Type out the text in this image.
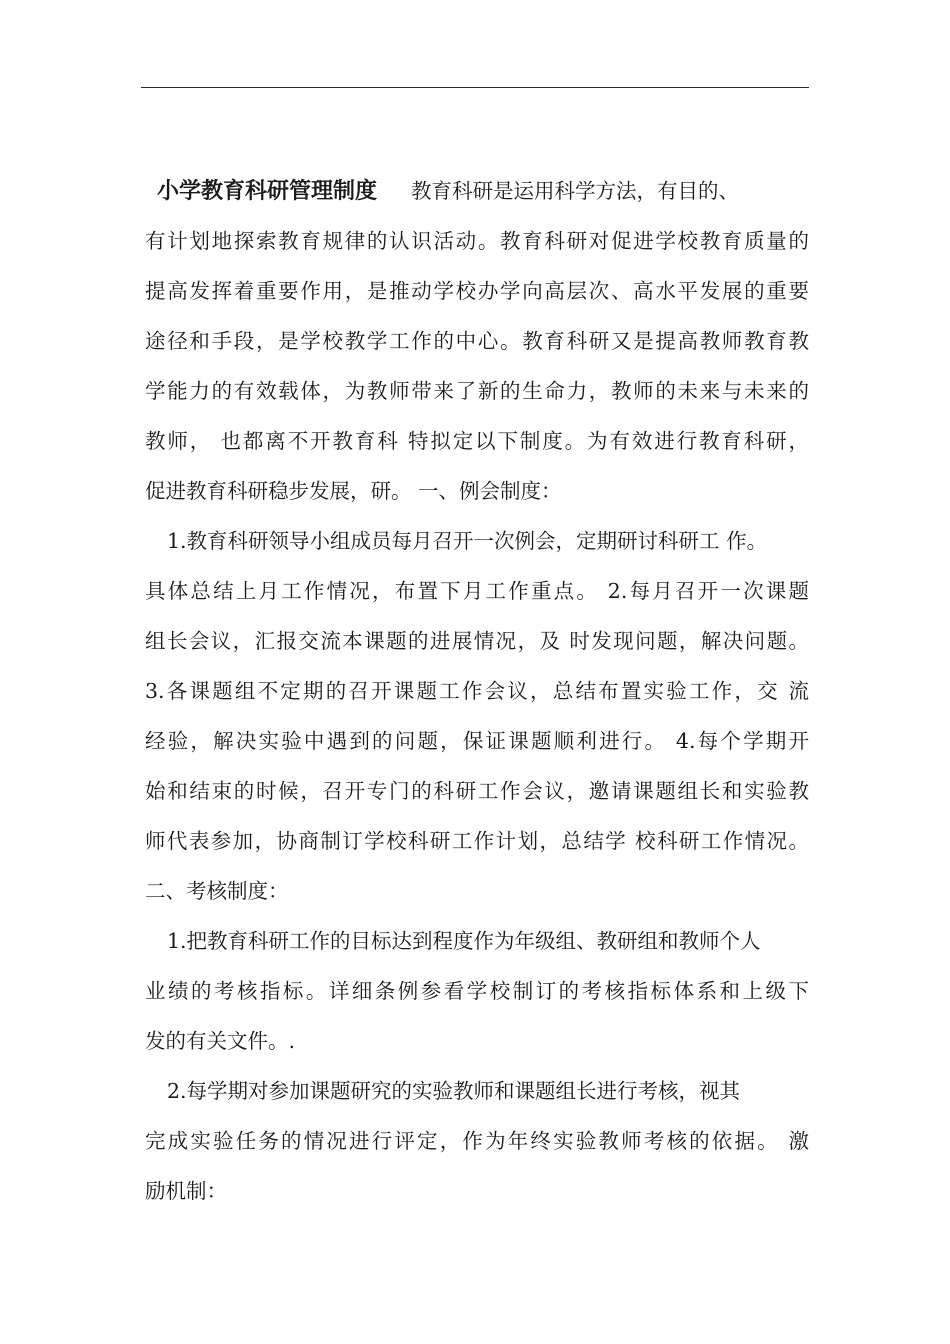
小学教育科研管理制度 教育科研是运用科学方法，有目的、
有计划地探索教育规律的认识活动。教育科研对促进学校教育质量的
提高发挥着重要作用，是推动学校办学向高层次、高水平发展的重要
途径和手段，是学校教学工作的中心。教育科研又是提高教师教育教
学能力的有效载体，为教师带来了新的生命力，教师的未来与未来的
教师， 也都离不开教育科 特拟定以下制度。为有效进行教育科研，
促进教育科研稳步发展，研。 一、例会制度：
1.教育科研领导小组成员每月召开一次例会，定期研讨科研工 作。
具体总结上月工作情况，布置下月工作重点。 2.每月召开一次课题
组长会议，汇报交流本课题的进展情况，及 时发现问题，解决问题。
3.各课题组不定期的召开课题工作会议，总结布置实验工作，交 流
经验，解决实验中遇到的问题，保证课题顺利进行。 4.每个学期开
始和结束的时候，召开专门的科研工作会议，邀请课题组长和实验教
师代表参加，协商制订学校科研工作计划，总结学 校科研工作情况。
二、考核制度：
1.把教育科研工作的目标达到程度作为年级组、教研组和教师个人
业绩的考核指标。详细条例参看学校制订的考核指标体系和上级下
发的有关文件。.
2.每学期对参加课题研究的实验教师和课题组长进行考核，视其
完成实验任务的情况进行评定，作为年终实验教师考核的依据。 激
励机制：
